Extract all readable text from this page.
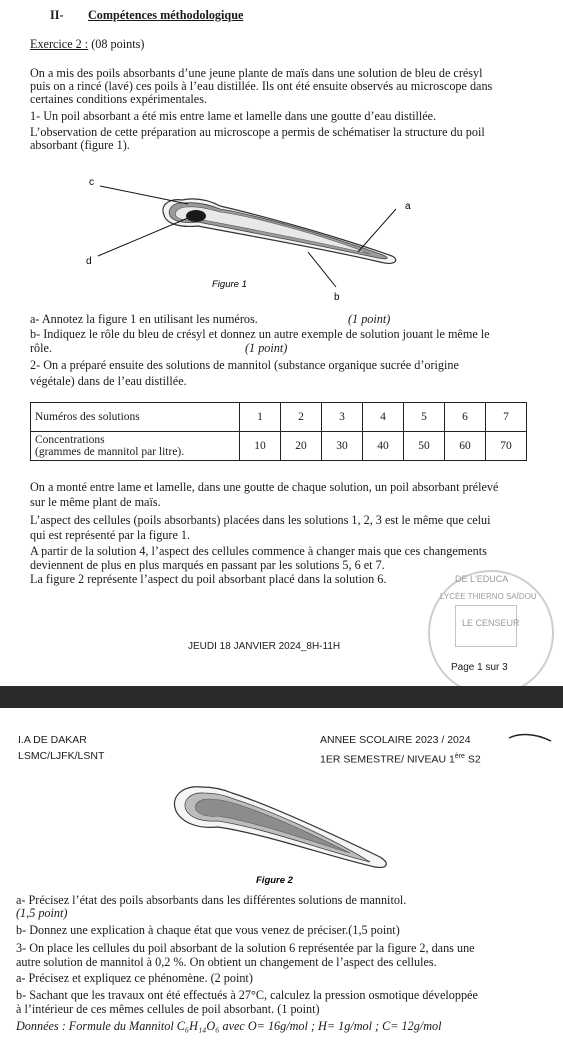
II- Compétences méthodologique
Exercice 2 : (08 points)
On a mis des poils absorbants d’une jeune plante de maïs dans une solution de bleu de crésyl
puis on a rincé (lavé) ces poils à l’eau distillée. Ils ont été ensuite observés au microscope dans
certaines conditions expérimentales.
1- Un poil absorbant a été mis entre lame et lamelle dans une goutte d’eau distillée.
L’observation de cette préparation au microscope a permis de schématiser la structure du poil
absorbant (figure 1).
c
a
d
b
Figure 1
a- Annotez la figure 1 en utilisant les numéros.	(1 point)
b- Indiquez le rôle du bleu de crésyl et donnez un autre exemple de solution jouant le même le
rôle.	(1 point)
2- On a préparé ensuite des solutions de mannitol (substance organique sucrée d’origine
végétale) dans de l’eau distillée.
Numéros des solutions	1	2	3	4	5	6	7
Concentrations
(grammes de mannitol par litre).	10	20	30	40	50	60	70
On a monté entre lame et lamelle, dans une goutte de chaque solution, un poil absorbant prélevé
sur le même plant de maïs.
L’aspect des cellules (poils absorbants) placées dans les solutions 1, 2, 3 est le même que celui
qui est représenté par la figure 1.
A partir de la solution 4, l’aspect des cellules commence à changer mais que ces changements
deviennent de plus en plus marqués en passant par les solutions 5, 6 et 7.
La figure 2 représente l’aspect du poil absorbant placé dans la solution 6.	DE L'EDUCA
LYCÉE THIERNO SAÏDOU
LE CENSEUR
JEUDI 18 JANVIER 2024_8H-11H
Page 1 sur 3
I.A DE DAKAR
LSMC/LJFK/LSNT
ANNEE SCOLAIRE 2023 / 2024
1ER SEMESTRE/ NIVEAU 1ère S2
Figure 2
a- Précisez l’état des poils absorbants dans les différentes solutions de mannitol.
(1,5 point)
b- Donnez une explication à chaque état que vous venez de préciser.(1,5 point)
3- On place les cellules du poil absorbant de la solution 6 représentée par la figure 2, dans une
autre solution de mannitol à 0,2 %. On obtient un changement de l’aspect des cellules.
a- Précisez et expliquez ce phénomène. (2 point)
b- Sachant que les travaux ont été effectués à 27°C, calculez la pression osmotique développée
à l’intérieur de ces mêmes cellules de poil absorbant. (1 point)
Données : Formule du Mannitol C₆H₁₄O₆ avec O= 16g/mol ; H= 1g/mol ; C= 12g/mol
